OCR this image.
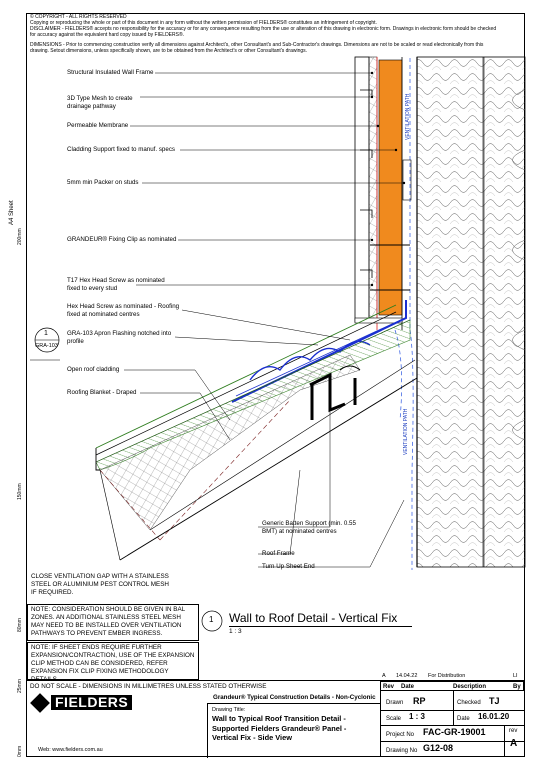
© COPYRIGHT - ALL RIGHTS RESERVED
Copying or reproducing the whole or part of this document in any form without the written permission of FIELDERS® constitutes an infringement of copyright.
DISCLAIMER - FIELDERS® accepts no responsibility for the accuracy or for any consequence resulting from the use or alteration of this drawing in electronic form. Drawings in electronic form should be checked for accuracy against the equivalent hard copy issued by FIELDERS®.
DIMENSIONS - Prior to commencing construction verify all dimensions against Architect's, other Consultant's and Sub-Contractor's drawings. Dimensions are not to be scaled or read electronically from this drawing. Setout dimensions, unless specifically shown, are to be obtained from the Architect's or other Consultant's drawings.
A4 Sheet
200mm
150mm
80mm
25mm
0mm
VENTILATION PATH
VENTILATION PATH
Structural Insulated Wall Frame
3D Type Mesh to create drainage pathway
Permeable Membrane
Cladding Support fixed to manuf. specs
5mm min Packer on studs
GRANDEUR® Fixing Clip as nominated
T17 Hex Head Screw as nominated fixed to every stud
Hex Head Screw as nominated - Roofing fixed at nominated centres
GRA-103 Apron Flashing notched into profile
Open roof cladding
Roofing Blanket - Draped
Generic Batten Support (min. 0.55 BMT) at nominated centres
Roof Frame
Turn Up Sheet End
1
GRA-103
CLOSE VENTILATION GAP WITH A STAINLESS STEEL OR ALUMINIUM PEST CONTROL MESH IF REQUIRED.
NOTE: CONSIDERATION SHOULD BE GIVEN IN BAL ZONES. AN ADDITIONAL STAINLESS STEEL MESH MAY NEED TO BE INSTALLED OVER VENTILATION PATHWAYS TO PREVENT EMBER INGRESS.
NOTE: IF SHEET ENDS REQUIRE FURTHER EXPANSION/CONTRACTION, USE OF THE EXPANSION CLIP METHOD CAN BE CONSIDERED, REFER EXPANSION FIX CLIP FIXING METHODOLOGY
1 Wall to Roof Detail - Vertical Fix
1 : 3
DO NOT SCALE - DIMENSIONS IN MILLIMETRES UNLESS STATED OTHERWISE
A 14.04.22 For Distribution	LI
Rev Date	Description	By
Grandeur® Typical Construction Details - Non-Cyclonic
FIELDERS
Web: www.fielders.com.au
Drawing Title:
Wall to Typical Roof Transition Detail - Supported Fielders Grandeur® Panel - Vertical Fix - Side View
Drawn RP	Checked TJ
Scale 1 : 3	Date 16.01.20
Project No FAC-GR-19001	rev
Drawing No G12-08	A
